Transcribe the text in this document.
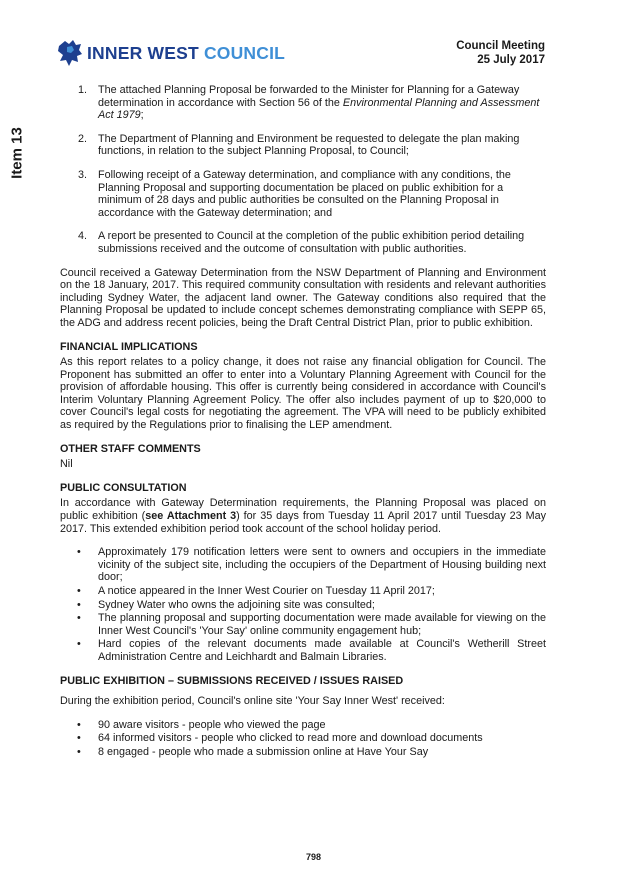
INNER WEST COUNCIL	Council Meeting
25 July 2017
Item 13
1. The attached Planning Proposal be forwarded to the Minister for Planning for a Gateway determination in accordance with Section 56 of the Environmental Planning and Assessment Act 1979;
2. The Department of Planning and Environment be requested to delegate the plan making functions, in relation to the subject Planning Proposal, to Council;
3. Following receipt of a Gateway determination, and compliance with any conditions, the Planning Proposal and supporting documentation be placed on public exhibition for a minimum of 28 days and public authorities be consulted on the Planning Proposal in accordance with the Gateway determination; and
4. A report be presented to Council at the completion of the public exhibition period detailing submissions received and the outcome of consultation with public authorities.

Council received a Gateway Determination from the NSW Department of Planning and Environment on the 18 January, 2017. This required community consultation with residents and relevant authorities including Sydney Water, the adjacent land owner. The Gateway conditions also required that the Planning Proposal be updated to include concept schemes demonstrating compliance with SEPP 65, the ADG and address recent policies, being the Draft Central District Plan, prior to public exhibition.

FINANCIAL IMPLICATIONS

As this report relates to a policy change, it does not raise any financial obligation for Council. The Proponent has submitted an offer to enter into a Voluntary Planning Agreement with Council for the provision of affordable housing. This offer is currently being considered in accordance with Council's Interim Voluntary Planning Agreement Policy. The offer also includes payment of up to $20,000 to cover Council's legal costs for negotiating the agreement. The VPA will need to be publicly exhibited as required by the Regulations prior to finalising the LEP amendment.

OTHER STAFF COMMENTS

Nil

PUBLIC CONSULTATION

In accordance with Gateway Determination requirements, the Planning Proposal was placed on public exhibition (see Attachment 3) for 35 days from Tuesday 11 April 2017 until Tuesday 23 May 2017. This extended exhibition period took account of the school holiday period.

• Approximately 179 notification letters were sent to owners and occupiers in the immediate vicinity of the subject site, including the occupiers of the Department of Housing building next door;
• A notice appeared in the Inner West Courier on Tuesday 11 April 2017;
• Sydney Water who owns the adjoining site was consulted;
• The planning proposal and supporting documentation were made available for viewing on the Inner West Council's 'Your Say' online community engagement hub;
• Hard copies of the relevant documents made available at Council's Wetherill Street Administration Centre and Leichhardt and Balmain Libraries.
PUBLIC EXHIBITION – SUBMISSIONS RECEIVED / ISSUES RAISED

During the exhibition period, Council's online site 'Your Say Inner West' received:

• 90 aware visitors - people who viewed the page
• 64 informed visitors - people who clicked to read more and download documents
• 8 engaged - people who made a submission online at Have Your Say
798
